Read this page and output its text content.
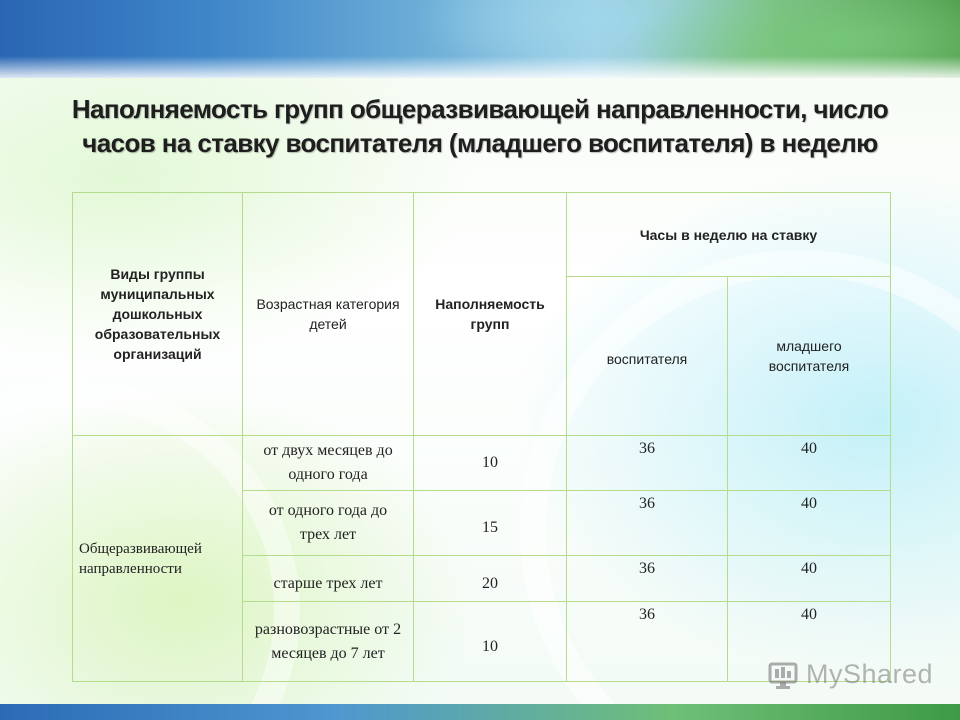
Наполняемость групп общеразвивающей направленности, число
часов на ставку воспитателя (младшего воспитателя) в неделю
Виды группы муниципальных дошкольных образовательных организаций	Возрастная категория детей	Наполняемость групп	Часы в неделю на ставку	
			воспитателя	младшего воспитателя
Общеразвивающей направленности	от двух месяцев до одного года	10	36	40
	от одного года до трех лет	15	36	40
	старше трех лет	20	36	40
	разновозрастные от 2 месяцев до 7 лет	10	36	40
MyShared
